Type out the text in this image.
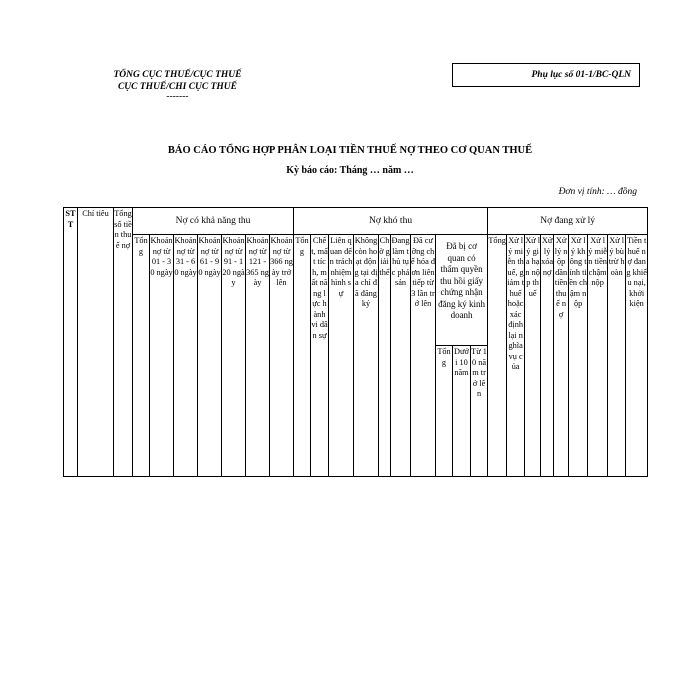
TỔNG CỤC THUẾ/CỤC THUẾ
CỤC THUẾ/CHI CỤC THUẾ
-------
Phụ lục số 01-1/BC-QLN
BÁO CÁO TỔNG HỢP PHÂN LOẠI TIỀN THUẾ NỢ THEO CƠ QUAN THUẾ
Kỳ báo cáo: Tháng … năm …
Đơn vị tính: … đồng
STT	Chỉ tiêu	Tổng số tiền thuế nợ	Nợ có khả năng thu							Nợ khó thu										Nợ đang xử lý								
			Tổng	Khoản nợ từ 01 - 30 ngày	Khoản nợ từ 31 - 60 ngày	Khoản nợ từ 61 - 90 ngày	Khoản nợ từ 91 - 120 ngày	Khoản nợ từ 121 - 365 ngày	Khoản nợ từ 366 ngày trở lên	Tổng	Chết, mất tích, mất năng lực hành vi dân sự	Liên quan đến trách nhiệm hình sự	Không còn hoạt động tại địa chỉ đã đăng ký	Chờ giải thể	Đang làm thủ tục phá sản	Đã cưỡng chế hóa đơn liên tiếp từ 3 lần trở lên	Đã bị cơ quan có thẩm quyền thu hồi giấy chứng nhận đăng ký kinh doanh			Tổng	Xử lý miễn thuế, giảm thuế hoặc xác định lại nghĩa vụ của	Xử lý gia hạn nộp thuế	Xử lý xóa nợ	Xử lý nộp dần tiền thuế nợ	Xử lý không tính tiền chậm nộp	Xử lý miễn tiền chậm nộp	Xử lý bù trừ hoàn	Tiền thuế nợ đang khiếu nại, khởi kiện
																	Tổng	Dưới 10 năm	Từ 10 năm trở lên									
